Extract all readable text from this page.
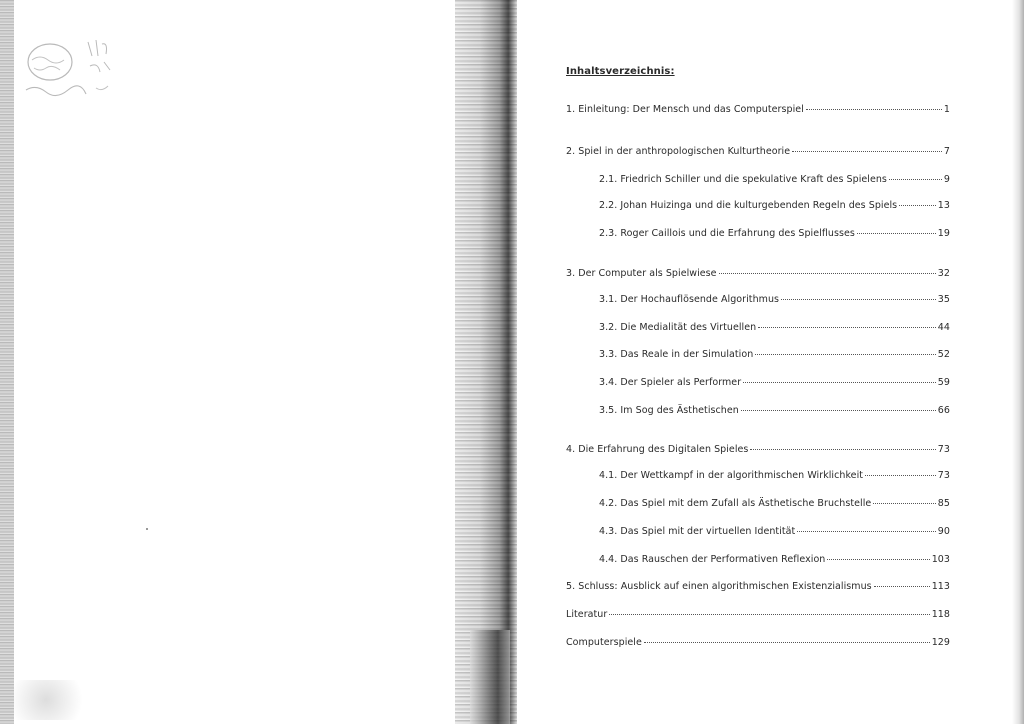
Inhaltsverzeichnis:
1. Einleitung: Der Mensch und das Computerspiel	1
2. Spiel in der anthropologischen Kulturtheorie	7
2.1. Friedrich Schiller und die spekulative Kraft des Spielens	9
2.2. Johan Huizinga und die kulturgebenden Regeln des Spiels	13
2.3. Roger Caillois und die Erfahrung des Spielflusses	19
3. Der Computer als Spielwiese	32
3.1. Der Hochauflösende Algorithmus	35
3.2. Die Medialität des Virtuellen	44
3.3. Das Reale in der Simulation	52
3.4. Der Spieler als Performer	59
3.5. Im Sog des Ästhetischen	66
4. Die Erfahrung des Digitalen Spieles	73
4.1. Der Wettkampf in der algorithmischen Wirklichkeit	73
4.2. Das Spiel mit dem Zufall als Ästhetische Bruchstelle	85
4.3. Das Spiel mit der virtuellen Identität	90
4.4. Das Rauschen der Performativen Reflexion	103
5. Schluss: Ausblick auf einen algorithmischen Existenzialismus	113
Literatur	118
Computerspiele	129
